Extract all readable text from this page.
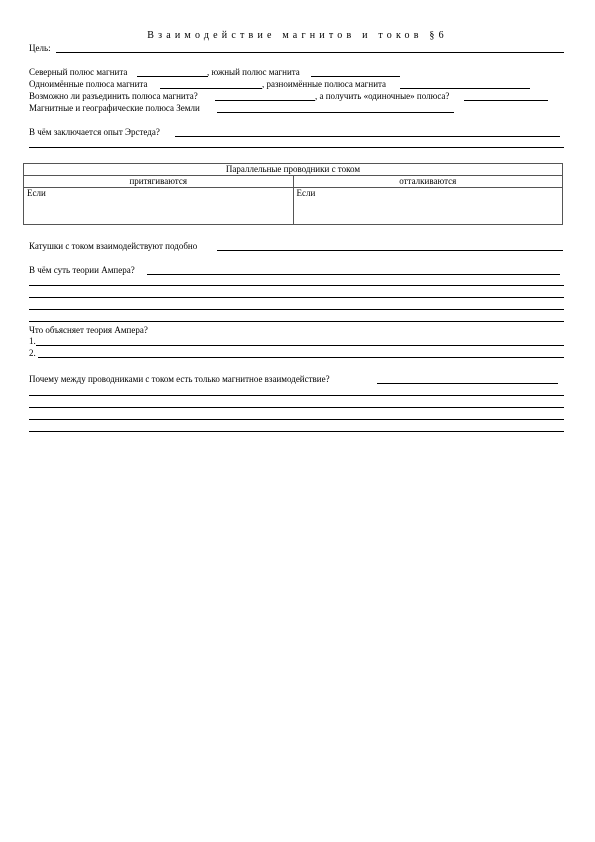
Взаимодействие магнитов и токов §6
Цель:
Северный полюс магнита	, южный полюс магнита
Одноимённые полюса магнита	, разноимённые полюса магнита
Возможно ли разъединить полюса магнита?	, а получить «одиночные» полюса?
Магнитные и географические полюса Земли
В чём заключается опыт Эрстеда?
Параллельные проводники с током	
притягиваются	отталкиваются
Если	Если
Катушки с током взаимодействуют подобно
В чём суть теории Ампера?
Что объясняет теория Ампера?
1.
2.
Почему между проводниками с током есть только магнитное взаимодействие?
